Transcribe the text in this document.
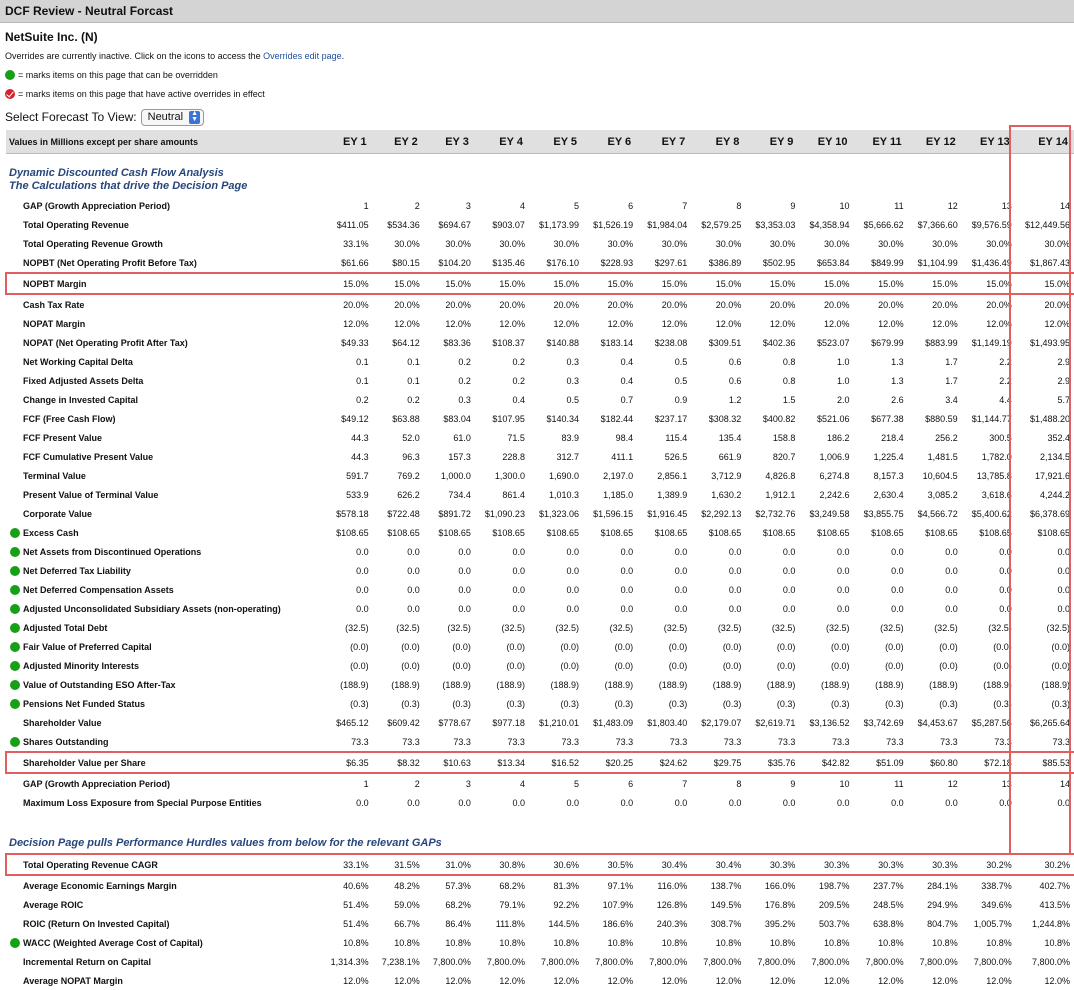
DCF Review - Neutral Forcast
NetSuite Inc. (N)
Overrides are currently inactive. Click on the icons to access the Overrides edit page.
= marks items on this page that can be overridden
= marks items on this page that have active overrides in effect
Select Forecast To View: Neutral ▲
▼
Values in Millions except per share amounts		EY 1	EY 2	EY 3	EY 4	EY 5	EY 6	EY 7	EY 8	EY 9	EY 10	EY 11	EY 12	EY 13	EY 14
Dynamic Discounted Cash Flow Analysis
The Calculations that drive the Decision Page															
	GAP (Growth Appreciation Period)	1	2	3	4	5	6	7	8	9	10	11	12	13	14
	Total Operating Revenue	$411.05	$534.36	$694.67	$903.07	$1,173.99	$1,526.19	$1,984.04	$2,579.25	$3,353.03	$4,358.94	$5,666.62	$7,366.60	$9,576.59	$12,449.56
	Total Operating Revenue Growth	33.1%	30.0%	30.0%	30.0%	30.0%	30.0%	30.0%	30.0%	30.0%	30.0%	30.0%	30.0%	30.0%	30.0%
	NOPBT (Net Operating Profit Before Tax)	$61.66	$80.15	$104.20	$135.46	$176.10	$228.93	$297.61	$386.89	$502.95	$653.84	$849.99	$1,104.99	$1,436.49	$1,867.43
	NOPBT Margin	15.0%	15.0%	15.0%	15.0%	15.0%	15.0%	15.0%	15.0%	15.0%	15.0%	15.0%	15.0%	15.0%	15.0%
	Cash Tax Rate	20.0%	20.0%	20.0%	20.0%	20.0%	20.0%	20.0%	20.0%	20.0%	20.0%	20.0%	20.0%	20.0%	20.0%
	NOPAT Margin	12.0%	12.0%	12.0%	12.0%	12.0%	12.0%	12.0%	12.0%	12.0%	12.0%	12.0%	12.0%	12.0%	12.0%
	NOPAT (Net Operating Profit After Tax)	$49.33	$64.12	$83.36	$108.37	$140.88	$183.14	$238.08	$309.51	$402.36	$523.07	$679.99	$883.99	$1,149.19	$1,493.95
	Net Working Capital Delta	0.1	0.1	0.2	0.2	0.3	0.4	0.5	0.6	0.8	1.0	1.3	1.7	2.2	2.9
	Fixed Adjusted Assets Delta	0.1	0.1	0.2	0.2	0.3	0.4	0.5	0.6	0.8	1.0	1.3	1.7	2.2	2.9
	Change in Invested Capital	0.2	0.2	0.3	0.4	0.5	0.7	0.9	1.2	1.5	2.0	2.6	3.4	4.4	5.7
	FCF (Free Cash Flow)	$49.12	$63.88	$83.04	$107.95	$140.34	$182.44	$237.17	$308.32	$400.82	$521.06	$677.38	$880.59	$1,144.77	$1,488.20
	FCF Present Value	44.3	52.0	61.0	71.5	83.9	98.4	115.4	135.4	158.8	186.2	218.4	256.2	300.5	352.4
	FCF Cumulative Present Value	44.3	96.3	157.3	228.8	312.7	411.1	526.5	661.9	820.7	1,006.9	1,225.4	1,481.5	1,782.0	2,134.5
	Terminal Value	591.7	769.2	1,000.0	1,300.0	1,690.0	2,197.0	2,856.1	3,712.9	4,826.8	6,274.8	8,157.3	10,604.5	13,785.8	17,921.6
	Present Value of Terminal Value	533.9	626.2	734.4	861.4	1,010.3	1,185.0	1,389.9	1,630.2	1,912.1	2,242.6	2,630.4	3,085.2	3,618.6	4,244.2
	Corporate Value	$578.18	$722.48	$891.72	$1,090.23	$1,323.06	$1,596.15	$1,916.45	$2,292.13	$2,732.76	$3,249.58	$3,855.75	$4,566.72	$5,400.62	$6,378.69
	Excess Cash	$108.65	$108.65	$108.65	$108.65	$108.65	$108.65	$108.65	$108.65	$108.65	$108.65	$108.65	$108.65	$108.65	$108.65
	Net Assets from Discontinued Operations	0.0	0.0	0.0	0.0	0.0	0.0	0.0	0.0	0.0	0.0	0.0	0.0	0.0	0.0
	Net Deferred Tax Liability	0.0	0.0	0.0	0.0	0.0	0.0	0.0	0.0	0.0	0.0	0.0	0.0	0.0	0.0
	Net Deferred Compensation Assets	0.0	0.0	0.0	0.0	0.0	0.0	0.0	0.0	0.0	0.0	0.0	0.0	0.0	0.0
	Adjusted Unconsolidated Subsidiary Assets (non-operating)	0.0	0.0	0.0	0.0	0.0	0.0	0.0	0.0	0.0	0.0	0.0	0.0	0.0	0.0
	Adjusted Total Debt	(32.5)	(32.5)	(32.5)	(32.5)	(32.5)	(32.5)	(32.5)	(32.5)	(32.5)	(32.5)	(32.5)	(32.5)	(32.5)	(32.5)
	Fair Value of Preferred Capital	(0.0)	(0.0)	(0.0)	(0.0)	(0.0)	(0.0)	(0.0)	(0.0)	(0.0)	(0.0)	(0.0)	(0.0)	(0.0)	(0.0)
	Adjusted Minority Interests	(0.0)	(0.0)	(0.0)	(0.0)	(0.0)	(0.0)	(0.0)	(0.0)	(0.0)	(0.0)	(0.0)	(0.0)	(0.0)	(0.0)
	Value of Outstanding ESO After-Tax	(188.9)	(188.9)	(188.9)	(188.9)	(188.9)	(188.9)	(188.9)	(188.9)	(188.9)	(188.9)	(188.9)	(188.9)	(188.9)	(188.9)
	Pensions Net Funded Status	(0.3)	(0.3)	(0.3)	(0.3)	(0.3)	(0.3)	(0.3)	(0.3)	(0.3)	(0.3)	(0.3)	(0.3)	(0.3)	(0.3)
	Shareholder Value	$465.12	$609.42	$778.67	$977.18	$1,210.01	$1,483.09	$1,803.40	$2,179.07	$2,619.71	$3,136.52	$3,742.69	$4,453.67	$5,287.56	$6,265.64
	Shares Outstanding	73.3	73.3	73.3	73.3	73.3	73.3	73.3	73.3	73.3	73.3	73.3	73.3	73.3	73.3
	Shareholder Value per Share	$6.35	$8.32	$10.63	$13.34	$16.52	$20.25	$24.62	$29.75	$35.76	$42.82	$51.09	$60.80	$72.18	$85.53
	GAP (Growth Appreciation Period)	1	2	3	4	5	6	7	8	9	10	11	12	13	14
	Maximum Loss Exposure from Special Purpose Entities	0.0	0.0	0.0	0.0	0.0	0.0	0.0	0.0	0.0	0.0	0.0	0.0	0.0	0.0
Decision Page pulls Performance Hurdles values from below for the relevant GAPs															
	Total Operating Revenue CAGR	33.1%	31.5%	31.0%	30.8%	30.6%	30.5%	30.4%	30.4%	30.3%	30.3%	30.3%	30.3%	30.2%	30.2%
	Average Economic Earnings Margin	40.6%	48.2%	57.3%	68.2%	81.3%	97.1%	116.0%	138.7%	166.0%	198.7%	237.7%	284.1%	338.7%	402.7%
	Average ROIC	51.4%	59.0%	68.2%	79.1%	92.2%	107.9%	126.8%	149.5%	176.8%	209.5%	248.5%	294.9%	349.6%	413.5%
	ROIC (Return On Invested Capital)	51.4%	66.7%	86.4%	111.8%	144.5%	186.6%	240.3%	308.7%	395.2%	503.7%	638.8%	804.7%	1,005.7%	1,244.8%
	WACC (Weighted Average Cost of Capital)	10.8%	10.8%	10.8%	10.8%	10.8%	10.8%	10.8%	10.8%	10.8%	10.8%	10.8%	10.8%	10.8%	10.8%
	Incremental Return on Capital	1,314.3%	7,238.1%	7,800.0%	7,800.0%	7,800.0%	7,800.0%	7,800.0%	7,800.0%	7,800.0%	7,800.0%	7,800.0%	7,800.0%	7,800.0%	7,800.0%
	Average NOPAT Margin	12.0%	12.0%	12.0%	12.0%	12.0%	12.0%	12.0%	12.0%	12.0%	12.0%	12.0%	12.0%	12.0%	12.0%
